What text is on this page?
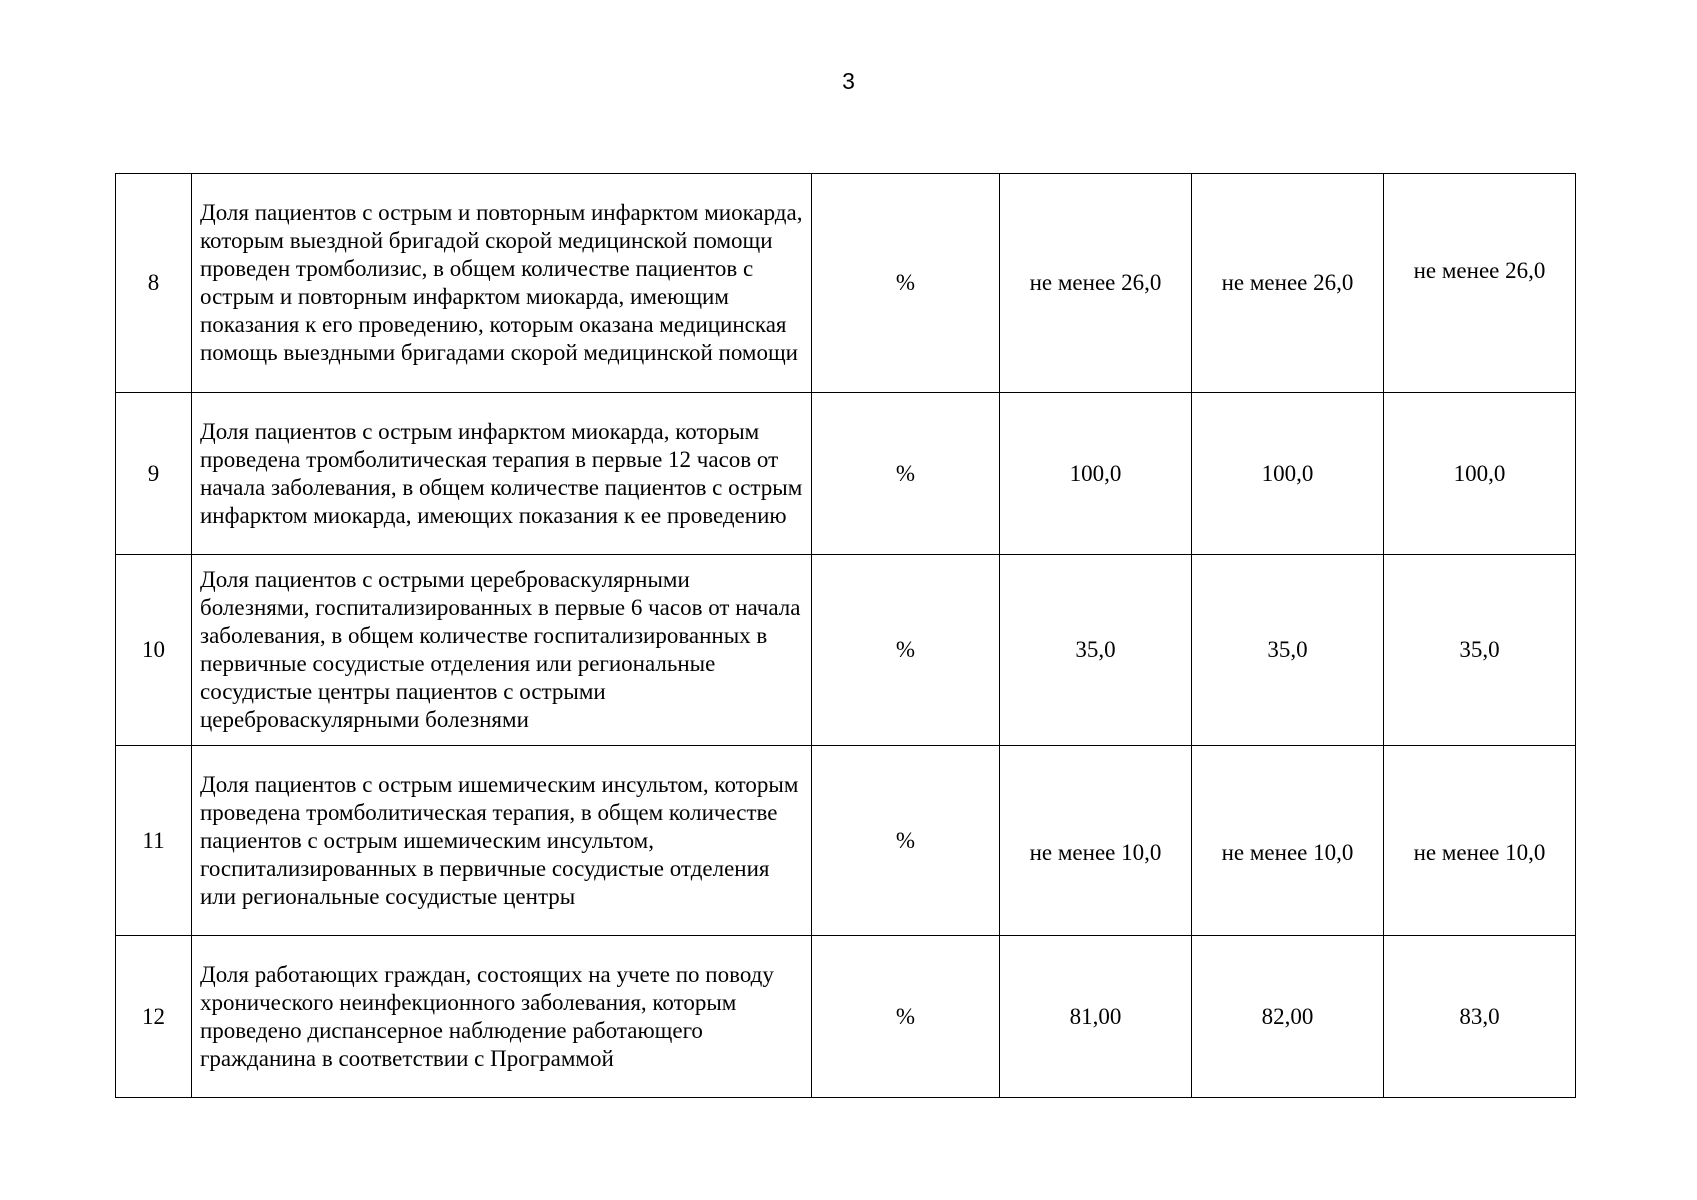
3
8	Доля пациентов с острым и повторным инфарктом миокарда, которым выездной бригадой скорой медицинской помощи проведен тромболизис, в общем количестве пациентов с острым и повторным инфарктом миокарда, имеющим показания к его проведению, которым оказана медицинская помощь выездными бригадами скорой медицинской помощи	%	не менее 26,0	не менее 26,0	не менее 26,0
9	Доля пациентов с острым инфарктом миокарда, которым проведена тромболитическая терапия в первые 12 часов от начала заболевания, в общем количестве пациентов с острым инфарктом миокарда, имеющих показания к ее проведению	%	100,0	100,0	100,0
10	Доля пациентов с острыми цереброваскулярными болезнями, госпитализированных в первые 6 часов от начала заболевания, в общем количестве госпитализированных в первичные сосудистые отделения или региональные сосудистые центры пациентов с острыми цереброваскулярными болезнями	%	35,0	35,0	35,0
11	Доля пациентов с острым ишемическим инсультом, которым проведена тромболитическая терапия, в общем количестве пациентов с острым ишемическим инсультом, госпитализированных в первичные сосудистые отделения или региональные сосудистые центры	%	не менее 10,0	не менее 10,0	не менее 10,0
12	Доля работающих граждан, состоящих на учете по поводу хронического неинфекционного заболевания, которым проведено диспансерное наблюдение работающего гражданина в соответствии с Программой	%	81,00	82,00	83,0
